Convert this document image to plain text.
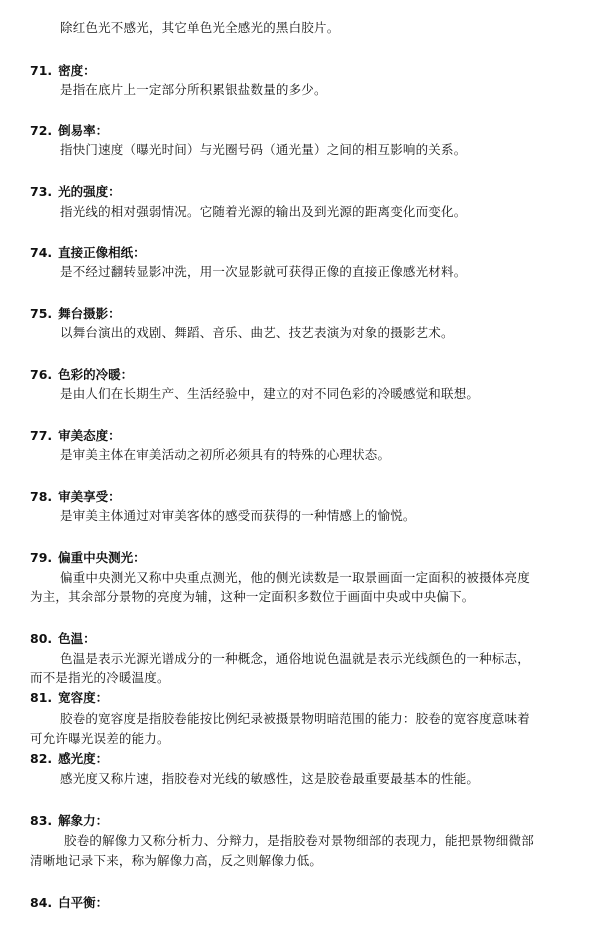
除红色光不感光，其它单色光全感光的黑白胶片。
71. 密度：
是指在底片上一定部分所积累银盐数量的多少。
72. 倒易率：
指快门速度（曝光时间）与光圈号码（通光量）之间的相互影响的关系。
73. 光的强度：
指光线的相对强弱情况。它随着光源的输出及到光源的距离变化而变化。
74. 直接正像相纸：
是不经过翻转显影冲洗，用一次显影就可获得正像的直接正像感光材料。
75. 舞台摄影：
以舞台演出的戏剧、舞蹈、音乐、曲艺、技艺表演为对象的摄影艺术。
76. 色彩的冷暖：
是由人们在长期生产、生活经验中，建立的对不同色彩的冷暖感觉和联想。
77. 审美态度：
是审美主体在审美活动之初所必须具有的特殊的心理状态。
78. 审美享受：
是审美主体通过对审美客体的感受而获得的一种情感上的愉悦。
79. 偏重中央测光：
偏重中央测光又称中央重点测光，他的侧光读数是一取景画面一定面积的被摄体亮度
为主，其余部分景物的亮度为辅，这种一定面积多数位于画面中央或中央偏下。
80. 色温：
色温是表示光源光谱成分的一种概念，通俗地说色温就是表示光线颜色的一种标志，
而不是指光的冷暖温度。
81. 宽容度：
胶卷的宽容度是指胶卷能按比例纪录被摄景物明暗范围的能力：胶卷的宽容度意味着
可允许曝光误差的能力。
82. 感光度：
感光度又称片速，指胶卷对光线的敏感性，这是胶卷最重要最基本的性能。
83. 解象力：
胶卷的解像力又称分析力、分辩力，是指胶卷对景物细部的表现力，能把景物细微部
清晰地记录下来，称为解像力高，反之则解像力低。
84. 白平衡：
